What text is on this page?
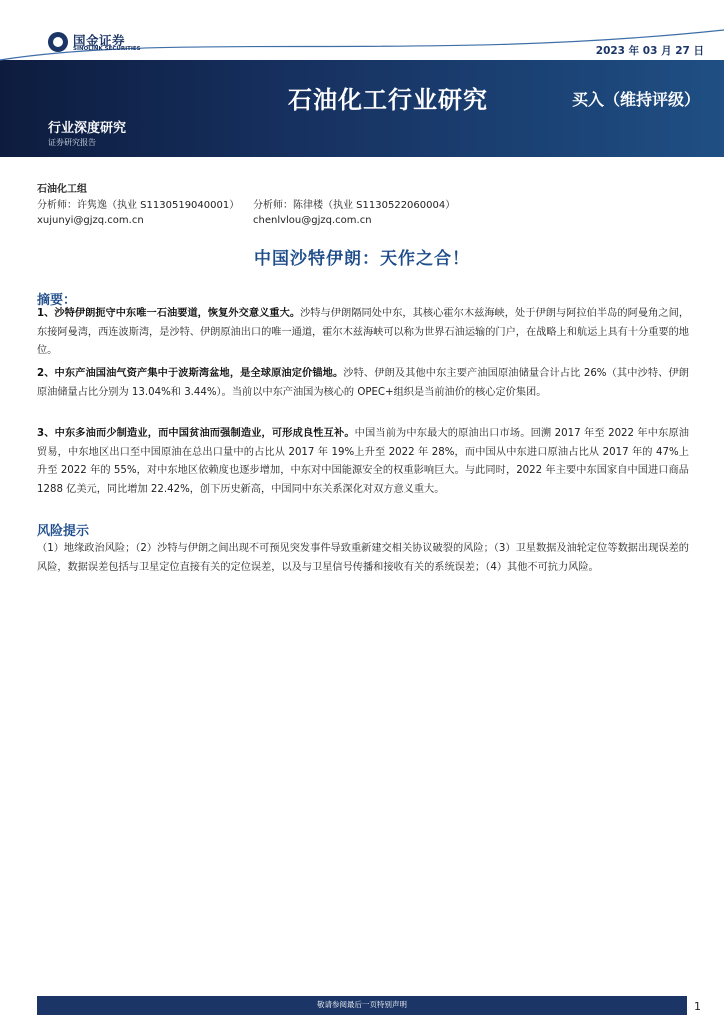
国金证券
SINOLINK SECURITIES	2023 年 03 月 27 日
石油化工行业研究	买入（维持评级）
行业深度研究
证券研究报告
石油化工组
分析师：许隽逸（执业 S1130519040001） 分析师：陈律楼（执业 S1130522060004）
xujunyi@gjzq.com.cn	chenlvlou@gjzq.com.cn
中国沙特伊朗：天作之合！
摘要：
1、沙特伊朗扼守中东唯一石油要道，恢复外交意义重大。沙特与伊朗隔同处中东，其核心霍尔木兹海峡，处于伊朗与阿拉伯半岛的阿曼角之间，东接阿曼湾，西连波斯湾，是沙特、伊朗原油出口的唯一通道，霍尔木兹海峡可以称为世界石油运输的门户，在战略上和航运上具有十分重要的地位。
2、中东产油国油气资产集中于波斯湾盆地，是全球原油定价锚地。沙特、伊朗及其他中东主要产油国原油储量合计占比 26%（其中沙特、伊朗原油储量占比分别为 13.04%和 3.44%）。当前以中东产油国为核心的 OPEC+组织是当前油价的核心定价集团。
3、中东多油而少制造业，而中国贫油而强制造业，可形成良性互补。中国当前为中东最大的原油出口市场。回溯 2017 年至 2022 年中东原油贸易，中东地区出口至中国原油在总出口量中的占比从 2017 年 19%上升至 2022 年 28%，而中国从中东进口原油占比从 2017 年的 47%上升至 2022 年的 55%，对中东地区依赖度也逐步增加，中东对中国能源安全的权重影响巨大。与此同时，2022 年主要中东国家自中国进口商品 1288 亿美元，同比增加 22.42%，创下历史新高，中国同中东关系深化对双方意义重大。
风险提示
（1）地缘政治风险；（2）沙特与伊朗之间出现不可预见突发事件导致重新建交相关协议破裂的风险；（3）卫星数据及油轮定位等数据出现误差的风险，数据误差包括与卫星定位直接有关的定位误差，以及与卫星信号传播和接收有关的系统误差；（4）其他不可抗力风险。
敬请参阅最后一页特别声明	1
